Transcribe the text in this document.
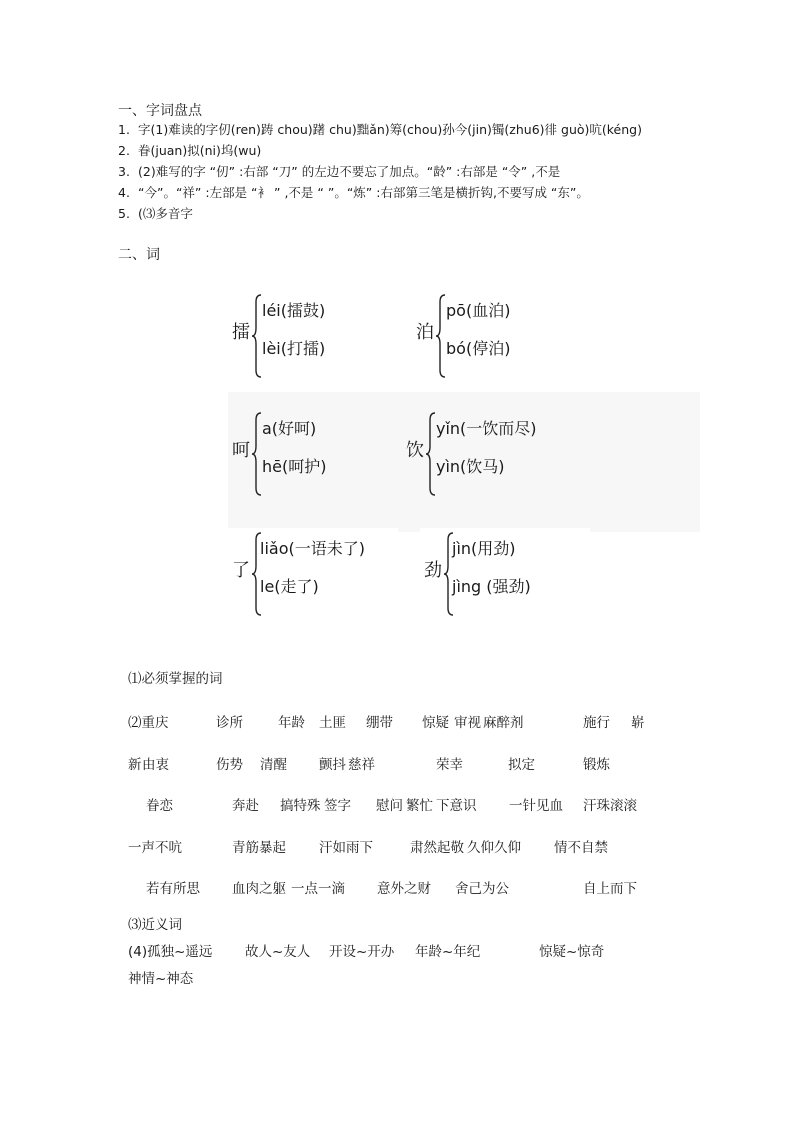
一、字词盘点
1. 字(1)难读的字仞(ren)踌 chou)躇 chu)黜ǎn)筹(chou)孙今(jin)镯(zhu6)徘 guò)吭(kéng)
2. 眷(juan)拟(ni)坞(wu)
3. (2)难写的字 “仞” :右部 “刀” 的左边不要忘了加点。“龄” :右部是 “令” ,不是
4. “今”。“祥” :左部是 “衤 ” ,不是 “ ”。“炼” :右部第三笔是横折钩,不要写成 “东”。
5. (⑶多音字
二、词
擂
léi(擂鼓)
lèi(打擂)
泊
pō(血泊)
bó(停泊)
呵
a(好呵)
hē(呵护)
饮
yǐn(一饮而尽)
yìn(饮马)
了
liǎo(一语未了)
le(走了)
劲
jìn(用劲)
jìng (强劲)
⑴必须掌握的词
⑵重庆	诊所	年龄 土匪 绷带 惊疑 审视 麻醉剂	施行 崭
新 由衷	伤势 清醒 颤抖 慈祥	荣幸	拟定	锻炼
眷恋	奔赴 搞特殊 签字 慰问 繁忙 下意识 一针见血 汗珠滚滚
一声不吭	青筋暴起 汗如雨下	肃然起敬 久仰久仰 情不自禁
若有所思 血肉之躯 一点一滴 意外之财 舍己为公	自上而下
⑶近义词
(4)孤独~遥远 故人~友人 开设~开办 年龄~年纪	惊疑~惊奇
神情~神态
